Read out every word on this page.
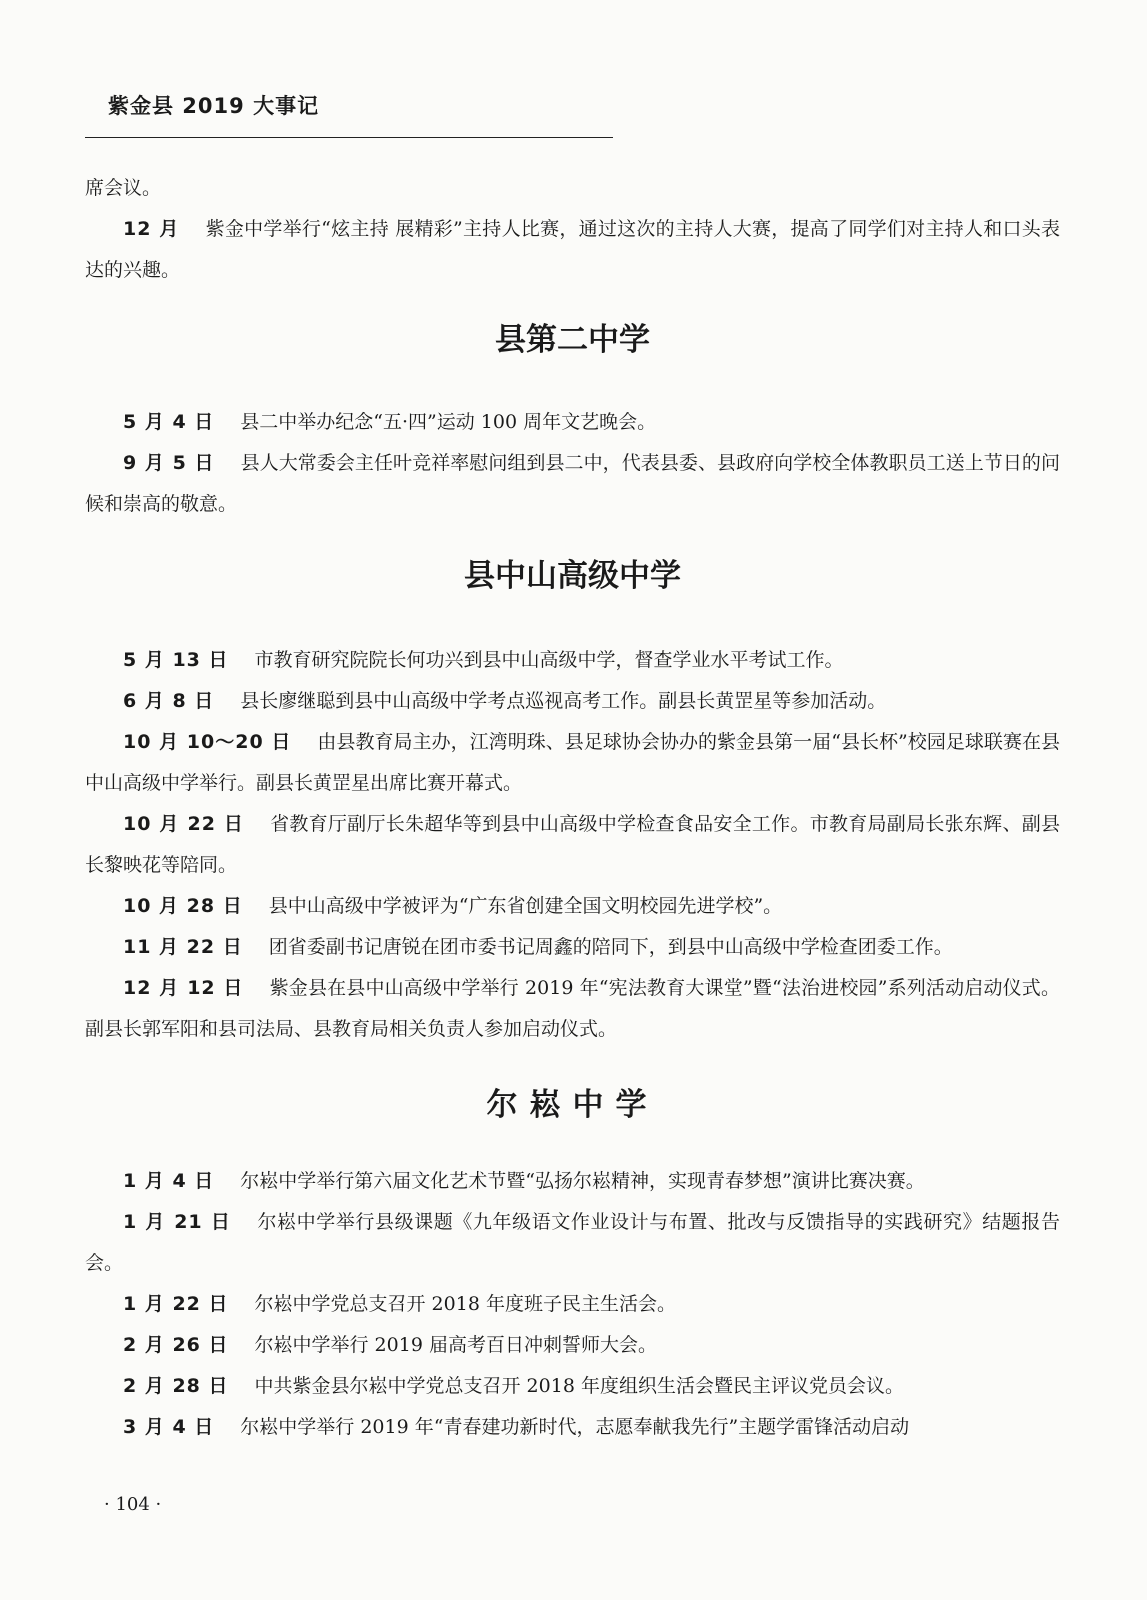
紫金县 2019 大事记

席会议。

12 月 紫金中学举行“炫主持 展精彩”主持人比赛，通过这次的主持人大赛，提高了同学们对主持人和口头表达的兴趣。

县第二中学

5 月 4 日 县二中举办纪念“五·四”运动 100 周年文艺晚会。

9 月 5 日 县人大常委会主任叶竞祥率慰问组到县二中，代表县委、县政府向学校全体教职员工送上节日的问候和崇高的敬意。

县中山高级中学

5 月 13 日 市教育研究院院长何功兴到县中山高级中学，督查学业水平考试工作。

6 月 8 日 县长廖继聪到县中山高级中学考点巡视高考工作。副县长黄罡星等参加活动。

10 月 10～20 日 由县教育局主办，江湾明珠、县足球协会协办的紫金县第一届“县长杯”校园足球联赛在县中山高级中学举行。副县长黄罡星出席比赛开幕式。

10 月 22 日 省教育厅副厅长朱超华等到县中山高级中学检查食品安全工作。市教育局副局长张东辉、副县长黎映花等陪同。

10 月 28 日 县中山高级中学被评为“广东省创建全国文明校园先进学校”。

11 月 22 日 团省委副书记唐锐在团市委书记周鑫的陪同下，到县中山高级中学检查团委工作。

12 月 12 日 紫金县在县中山高级中学举行 2019 年“宪法教育大课堂”暨“法治进校园”系列活动启动仪式。副县长郭军阳和县司法局、县教育局相关负责人参加启动仪式。

尔崧中学

1 月 4 日 尔崧中学举行第六届文化艺术节暨“弘扬尔崧精神，实现青春梦想”演讲比赛决赛。

1 月 21 日 尔崧中学举行县级课题《九年级语文作业设计与布置、批改与反馈指导的实践研究》结题报告会。

1 月 22 日 尔崧中学党总支召开 2018 年度班子民主生活会。

2 月 26 日 尔崧中学举行 2019 届高考百日冲刺誓师大会。

2 月 28 日 中共紫金县尔崧中学党总支召开 2018 年度组织生活会暨民主评议党员会议。

3 月 4 日 尔崧中学举行 2019 年“青春建功新时代，志愿奉献我先行”主题学雷锋活动启动

· 104 ·
